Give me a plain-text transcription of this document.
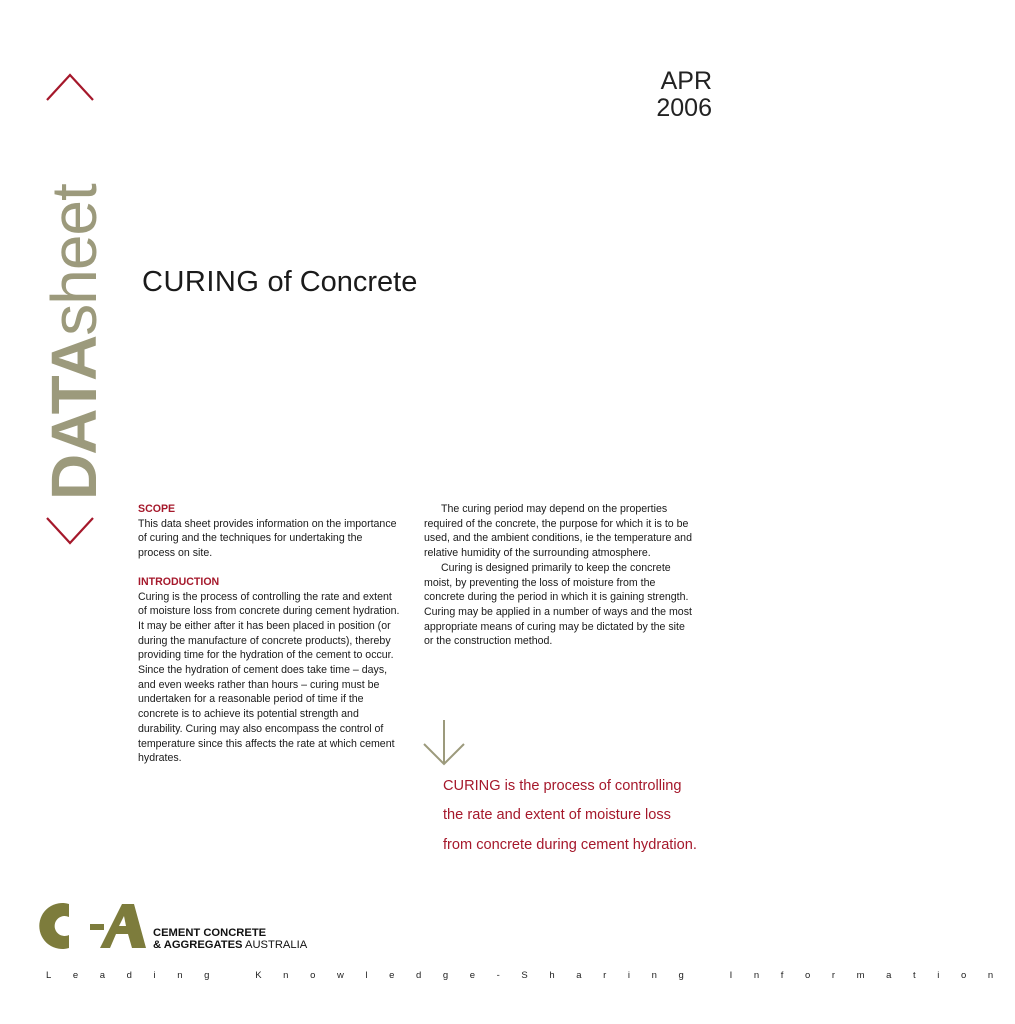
DATAsheet
APR
2006
CURING of Concrete
SCOPE
This data sheet provides information on the importance of curing and the techniques for undertaking the process on site.
INTRODUCTION
Curing is the process of controlling the rate and extent of moisture loss from concrete during cement hydration. It may be either after it has been placed in position (or during the manufacture of concrete products), thereby providing time for the hydration of the cement to occur. Since the hydration of cement does take time – days, and even weeks rather than hours – curing must be undertaken for a reasonable period of time if the concrete is to achieve its potential strength and durability. Curing may also encompass the control of temperature since this affects the rate at which cement hydrates.
The curing period may depend on the properties required of the concrete, the purpose for which it is to be used, and the ambient conditions, ie the temperature and relative humidity of the surrounding atmosphere.
Curing is designed primarily to keep the concrete moist, by preventing the loss of moisture from the concrete during the period in which it is gaining strength. Curing may be applied in a number of ways and the most appropriate means of curing may be dictated by the site or the construction method.
CURING is the process of controlling the rate and extent of moisture loss from concrete during cement hydration.
CEMENT CONCRETE
& AGGREGATES AUSTRALIA
Leading Knowledge-Sharing Information
